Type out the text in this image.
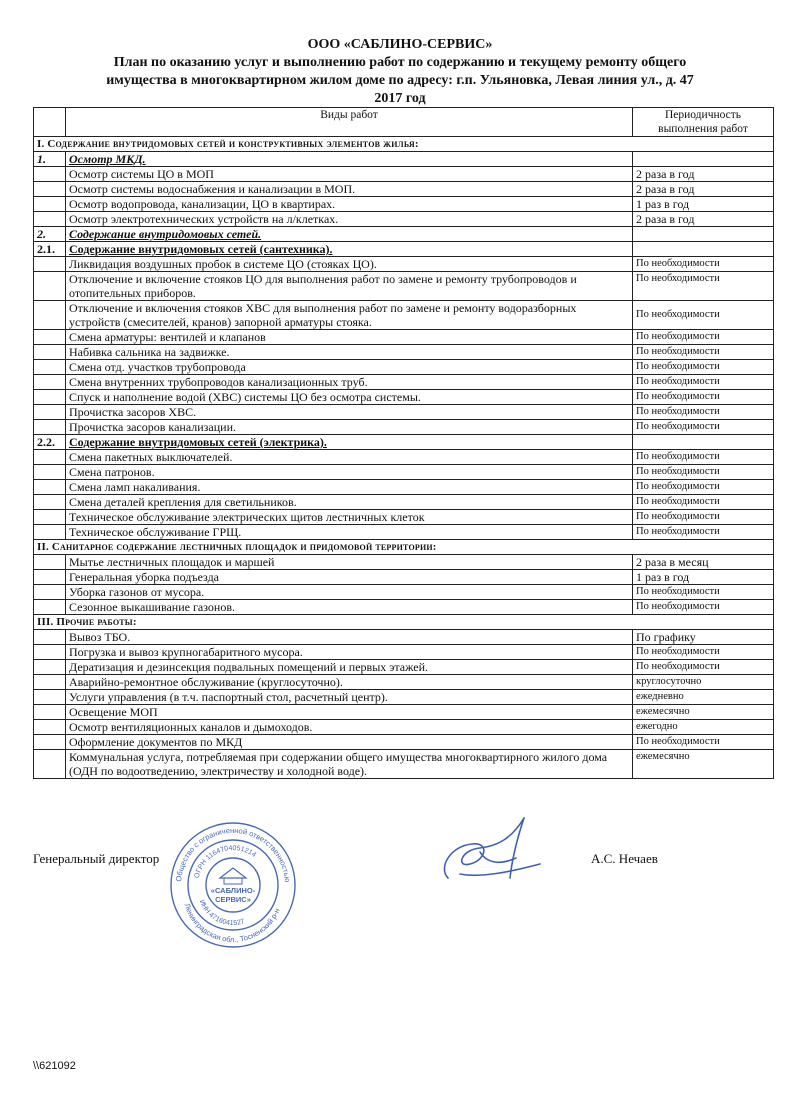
ООО «САБЛИНО-СЕРВИС»
План по оказанию услуг и выполнению работ по содержанию и текущему ремонту общего
имущества в многоквартирном жилом доме по адресу: г.п. Ульяновка, Левая линия ул., д. 47
2017 год
	Виды работ	Периодичность выполнения работ
I. Содержание внутридомовых сетей и конструктивных элементов жилья:		
1.	Осмотр МКД.	
	Осмотр системы ЦО в МОП	2 раза в год
	Осмотр системы водоснабжения и канализации в МОП.	2 раза в год
	Осмотр водопровода, канализации, ЦО в квартирах.	1 раз в год
	Осмотр электротехнических устройств на л/клетках.	2 раза в год
2.	Содержание внутридомовых сетей.	
2.1.	Содержание внутридомовых сетей (сантехника).	
	Ликвидация воздушных пробок в системе ЦО (стояках ЦО).	По необходимости
	Отключение и включение стояков ЦО для выполнения работ по замене и ремонту трубопроводов и отопительных приборов.	По необходимости
	Отключение и включения стояков ХВС для выполнения работ по замене и ремонту водоразборных устройств (смесителей, кранов) запорной арматуры стояка.	По необходимости
	Смена арматуры: вентилей и клапанов	По необходимости
	Набивка сальника на задвижке.	По необходимости
	Смена отд. участков трубопровода	По необходимости
	Смена внутренних трубопроводов канализационных труб.	По необходимости
	Спуск и наполнение водой (ХВС) системы ЦО без осмотра системы.	По необходимости
	Прочистка засоров ХВС.	По необходимости
	Прочистка засоров канализации.	По необходимости
2.2.	Содержание внутридомовых сетей (электрика).	
	Смена пакетных выключателей.	По необходимости
	Смена патронов.	По необходимости
	Смена ламп накаливания.	По необходимости
	Смена деталей крепления для светильников.	По необходимости
	Техническое обслуживание электрических щитов лестничных клеток	По необходимости
	Техническое обслуживание ГРЩ.	По необходимости
II. Санитарное содержание лестничных площадок и придомовой территории:		
	Мытье лестничных площадок и маршей	2 раза в месяц
	Генеральная уборка подъезда	1 раз в год
	Уборка газонов от мусора.	По необходимости
	Сезонное выкашивание газонов.	По необходимости
III. Прочие работы:		
	Вывоз ТБО.	По графику
	Погрузка и вывоз крупногабаритного мусора.	По необходимости
	Дератизация и дезинсекция подвальных помещений и первых этажей.	По необходимости
	Аварийно-ремонтное обслуживание (круглосуточно).	круглосуточно
	Услуги управления (в т.ч. паспортный стол, расчетный центр).	ежедневно
	Освещение МОП	ежемесячно
	Осмотр вентиляционных каналов и дымоходов.	ежегодно
	Оформление документов по МКД	По необходимости
	Коммунальная услуга, потребляемая при содержании общего имущества многоквартирного жилого дома (ОДН по водоотведению, электричеству и холодной воде).	ежемесячно
Генеральный директор	А.С. Нечаев
Общество с ограниченной ответственностью
Ленинградская обл., Тосненский р-н
ОГРН 1164704051214
ИНН 4716041527
«САБЛИНО-
СЕРВИС»
\\621092
